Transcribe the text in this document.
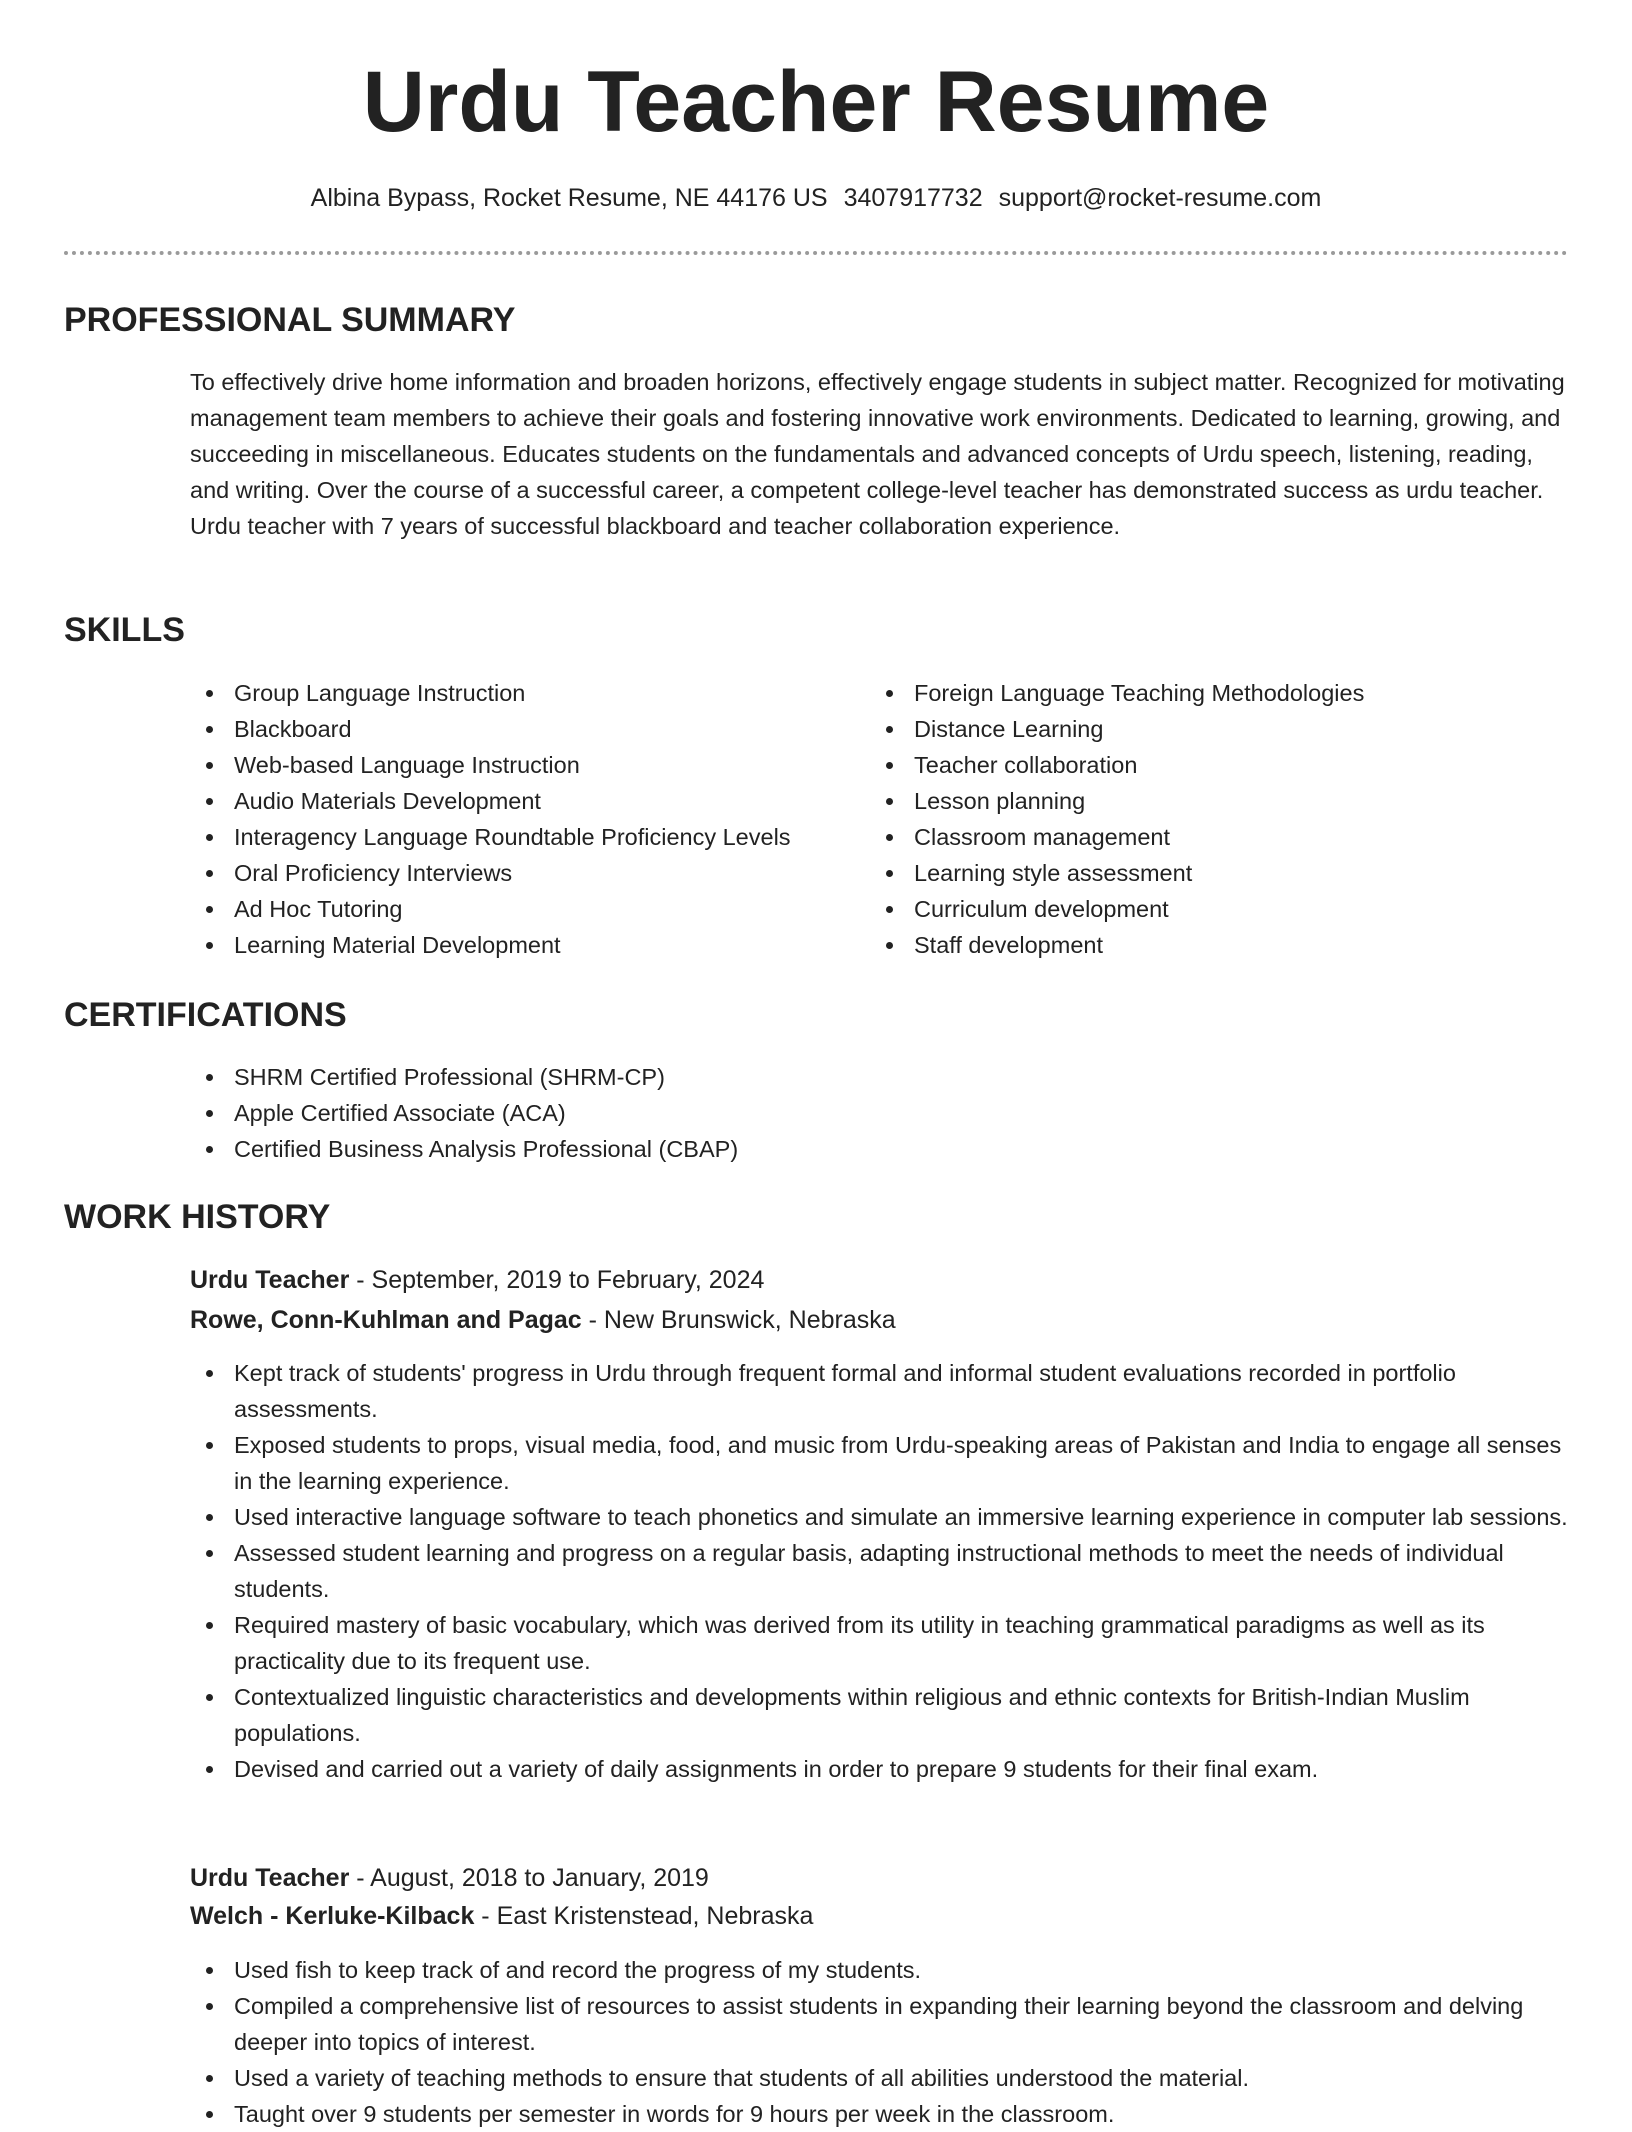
Urdu Teacher Resume
Albina Bypass, Rocket Resume, NE 44176 US 3407917732 support@rocket-resume.com
PROFESSIONAL SUMMARY

To effectively drive home information and broaden horizons, effectively engage students in subject matter. Recognized for motivating management team members to achieve their goals and fostering innovative work environments. Dedicated to learning, growing, and succeeding in miscellaneous. Educates students on the fundamentals and advanced concepts of Urdu speech, listening, reading, and writing. Over the course of a successful career, a competent college-level teacher has demonstrated success as urdu teacher. Urdu teacher with 7 years of successful blackboard and teacher collaboration experience.

SKILLS
Group Language Instruction
Blackboard
Web-based Language Instruction
Audio Materials Development
Interagency Language Roundtable Proficiency Levels
Oral Proficiency Interviews
Ad Hoc Tutoring
Learning Material Development
Foreign Language Teaching Methodologies
Distance Learning
Teacher collaboration
Lesson planning
Classroom management
Learning style assessment
Curriculum development
Staff development
CERTIFICATIONS
SHRM Certified Professional (SHRM-CP)
Apple Certified Associate (ACA)
Certified Business Analysis Professional (CBAP)
WORK HISTORY
Urdu Teacher - September, 2019 to February, 2024
Rowe, Conn-Kuhlman and Pagac - New Brunswick, Nebraska
Kept track of students' progress in Urdu through frequent formal and informal student evaluations recorded in portfolio assessments.
Exposed students to props, visual media, food, and music from Urdu-speaking areas of Pakistan and India to engage all senses in the learning experience.
Used interactive language software to teach phonetics and simulate an immersive learning experience in computer lab sessions.
Assessed student learning and progress on a regular basis, adapting instructional methods to meet the needs of individual students.
Required mastery of basic vocabulary, which was derived from its utility in teaching grammatical paradigms as well as its practicality due to its frequent use.
Contextualized linguistic characteristics and developments within religious and ethnic contexts for British-Indian Muslim populations.
Devised and carried out a variety of daily assignments in order to prepare 9 students for their final exam.
Urdu Teacher - August, 2018 to January, 2019
Welch - Kerluke-Kilback - East Kristenstead, Nebraska
Used fish to keep track of and record the progress of my students.
Compiled a comprehensive list of resources to assist students in expanding their learning beyond the classroom and delving deeper into topics of interest.
Used a variety of teaching methods to ensure that students of all abilities understood the material.
Taught over 9 students per semester in words for 9 hours per week in the classroom.
